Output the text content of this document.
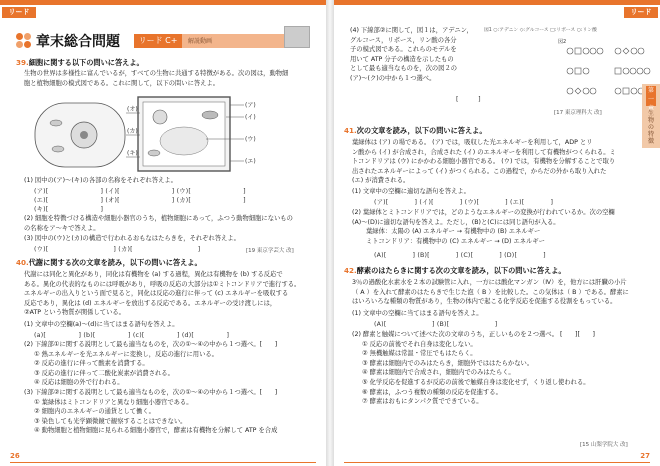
リード C+
章末総合問題	リード C+	解説動画
39.細胞に関する以下の問いに答えよ。

生物の世界は多様性に富んでいるが，すべての生物に共通する特徴がある。次の図は，動物細

胞と植物細胞の模式図である。これに関して，以下の問いに答えよ。

(ア)
(イ)
(ウ)
(エ)
(オ)
(カ)
(キ)

(1) 図中の(ア)～(キ)の各部の名称をそれぞれ答えよ。

(ア)[　　　　　　　　] (イ)[　　　　　　　　] (ウ)[　　　　　　　　]
(エ)[　　　　　　　　] (オ)[　　　　　　　　] (カ)[　　　　　　　　]
(キ)[　　　　　　　　]

(2) 細胞を特徴づける構造や細胞小器官のうち，植物細胞にあって，ふつう動物細胞にないもの

の名称をア～キで答えよ。

(3) 図中の(ウ)と(カ)の構造で行われるおもなはたらきを，それぞれ答えよ。

(ウ)[　　　　　　　　　　] (カ)[　　　　　　　　　　]	[19 東京学芸大 改]
40.代謝に関する次の文章を読み，以下の問いに答えよ。

代謝には同化と異化があり，同化は有機物を (a) する過程，異化は有機物を (b) する反応で

ある。異化の代表的なものには呼吸があり，呼吸の反応の大部分は①ミトコンドリアで進行する。

エネルギーの出入りという面で見ると，同化は反応の進行に伴って (c) エネルギーを吸収する

反応であり，異化は (d) エネルギーを放出する反応である。エネルギーの受け渡しには，

②ATP という物質が関係している。

(1) 文章中の空欄(a)～(d)に当てはまる語句を答えよ。

(a)[　　　　　] (b)[　　　　　] (c)[　　　　　] (d)[　　　　　]

(2) 下線部①に関する説明として最も適当なものを，次の①～④の中から１つ選べ。[　　]

① 熱エネルギーを光エネルギーに変換し，反応の進行に用いる。

② 反応の進行に伴って酸素を消費する。

③ 反応の進行に伴って二酸化炭素が消費される。

④ 反応は細胞の外で行われる。

(3) 下線部②に関する説明として最も適当なものを，次の①～④の中から１つ選べ。[　　]

① 葉緑体はミトコンドリアと異なり細胞小器官である。

② 細胞内のエネルギーの通貨として働く。

③ 染色しても光学顕微鏡で観察することはできない。

④ 動物細胞と植物細胞に見られる細胞小器官で，酵素は有機物を分解して ATP を合成

26
リード C+

(4) 下線部②に関して，図１は，アデニン，

グルコース，リボース，リン酸の各分

子の模式図である。これらのモデルを

用いて ATP 分子の構造を示したもの

として最も適当なものを，次の図２の

(ア)～(ク)の中から１つ選べ。

[　　　]
図1 ○:アデニン ◇:グルコース □:リボース ○:リン酸
図2
[17 東京理科大 改]
第一章
生物の特徴
41.次の文章を読み，以下の問いに答えよ。

葉緑体は (ア) の場である。 (ア) では，吸収した光エネルギーを利用して，ADP とリ

ン酸から (イ) が合成され，合成された (イ) のエネルギーを利用して有機物がつくられる。ミ

トコンドリアは (ウ) にかかわる細胞小器官である。 (ウ) では，有機物を分解することで取り

出されたエネルギーによって (イ) がつくられる。この過程で，からだの外から取り入れた

(エ) が消費される。

(1) 文章中の空欄に適切な語句を答えよ。

(ア)[　　　　] (イ)[　　　　] (ウ)[　　　　] (エ)[　　　　]

(2) 葉緑体とミトコンドリアでは，どのようなエネルギーの変換が行われているか。次の空欄

(A)～(D)に適切な語句を答えよ。ただし，(B)と(C)には同じ語句が入る。

葉緑体：太陽の (A) エネルギー → 有機物中の (B) エネルギー

ミトコンドリア：有機物中の (C) エネルギー → (D) エネルギー

(A)[　　　　] (B)[　　　　] (C)[　　　　] (D)[　　　　]
42.酵素のはたらきに関する次の文章を読み，以下の問いに答えよ。

3％の過酸化水素水を２本の試験管に入れ，一方には酸化マンガン（Ⅳ）を，他方には肝臓の小片

（ A ）を入れて酵素のはたらきで生じた泡（ B ）を比較した。この気体は（ B ）である。酵素に

はいろいろな種類の物質があり，生物の体内で起こる化学反応を促進する役割をもっている。

(1) 文章中の空欄に当てはまる語句を答えよ。

(A)[　　　　　　　] (B)[　　　　　　　]

(2) 酵素と触媒について述べた次の文章のうち，正しいものを２つ選べ。 [　　][　　]

① 反応の前後でそれ自身は変化しない。

② 無機触媒は常温・常圧でもはたらく。

③ 酵素は細胞内でのみはたらき，細胞外でははたらかない。

④ 酵素は細胞内で合成され，細胞内でのみはたらく。

⑤ 化学反応を促進するが反応の前後で触媒自身は変化せず，くり返し使われる。

⑥ 酵素は，ふつう複数の種類の反応を促進する。

⑦ 酵素はおもにタンパク質でできている。

[15 山梨学院大 改]
27
